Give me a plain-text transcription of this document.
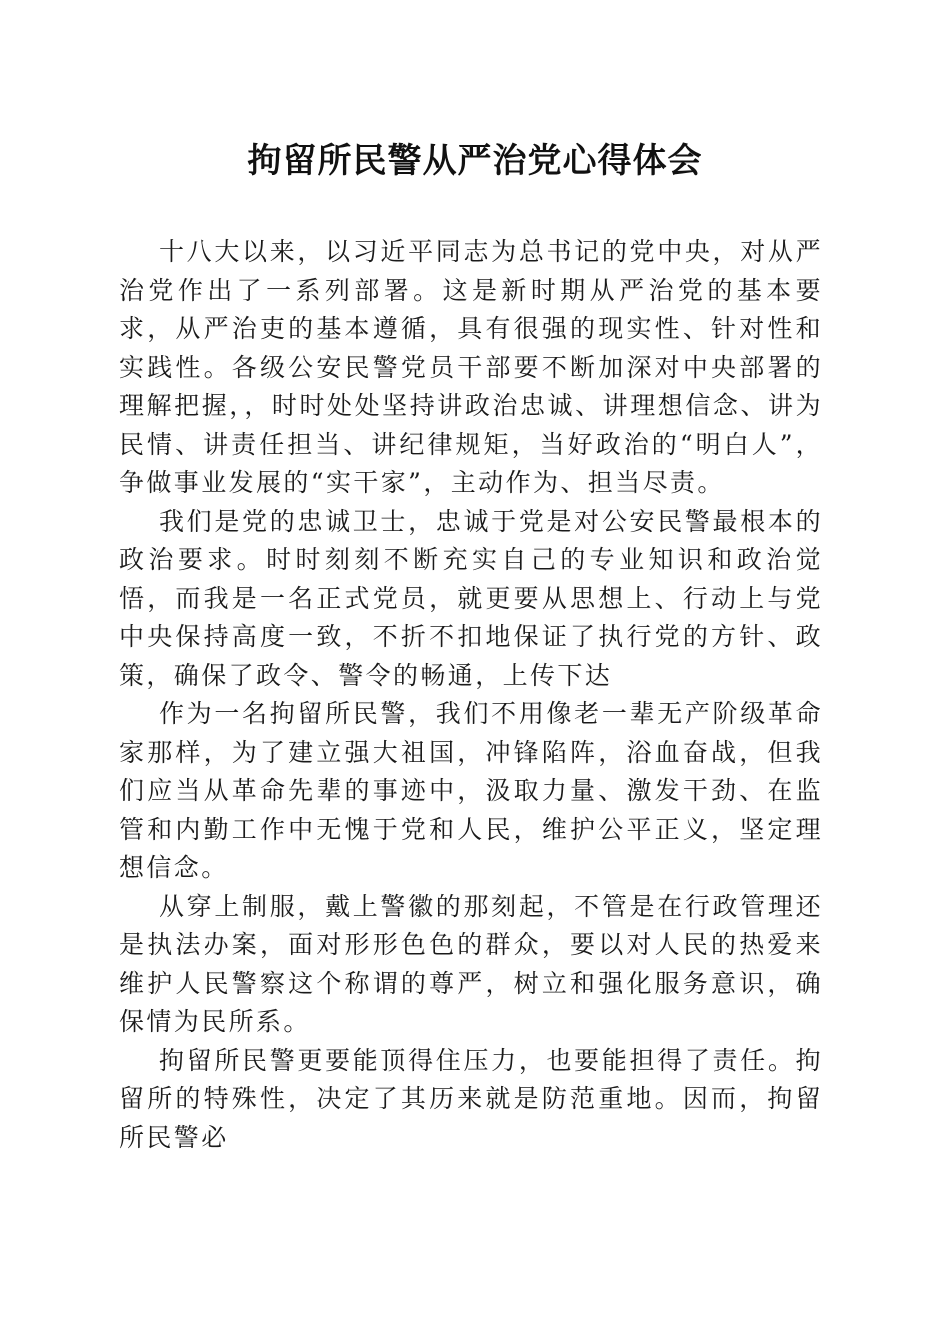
拘留所民警从严治党心得体会

十八大以来，以习近平同志为总书记的党中央，对从严治党作出了一系列部署。这是新时期从严治党的基本要求，从严治吏的基本遵循，具有很强的现实性、针对性和实践性。各级公安民警党员干部要不断加深对中央部署的理解把握，，时时处处坚持讲政治忠诚、讲理想信念、讲为民情、讲责任担当、讲纪律规矩，当好政治的“明白人”，争做事业发展的“实干家”，主动作为、担当尽责。

我们是党的忠诚卫士，忠诚于党是对公安民警最根本的政治要求。时时刻刻不断充实自己的专业知识和政治觉悟，而我是一名正式党员，就更要从思想上、行动上与党中央保持高度一致，不折不扣地保证了执行党的方针、政策，确保了政令、警令的畅通，上传下达

作为一名拘留所民警，我们不用像老一辈无产阶级革命家那样，为了建立强大祖国，冲锋陷阵，浴血奋战，但我们应当从革命先辈的事迹中，汲取力量、激发干劲、在监管和内勤工作中无愧于党和人民，维护公平正义，坚定理想信念。

从穿上制服，戴上警徽的那刻起，不管是在行政管理还是执法办案，面对形形色色的群众，要以对人民的热爱来维护人民警察这个称谓的尊严，树立和强化服务意识，确保情为民所系。

拘留所民警更要能顶得住压力，也要能担得了责任。拘留所的特殊性，决定了其历来就是防范重地。因而，拘留所民警必
